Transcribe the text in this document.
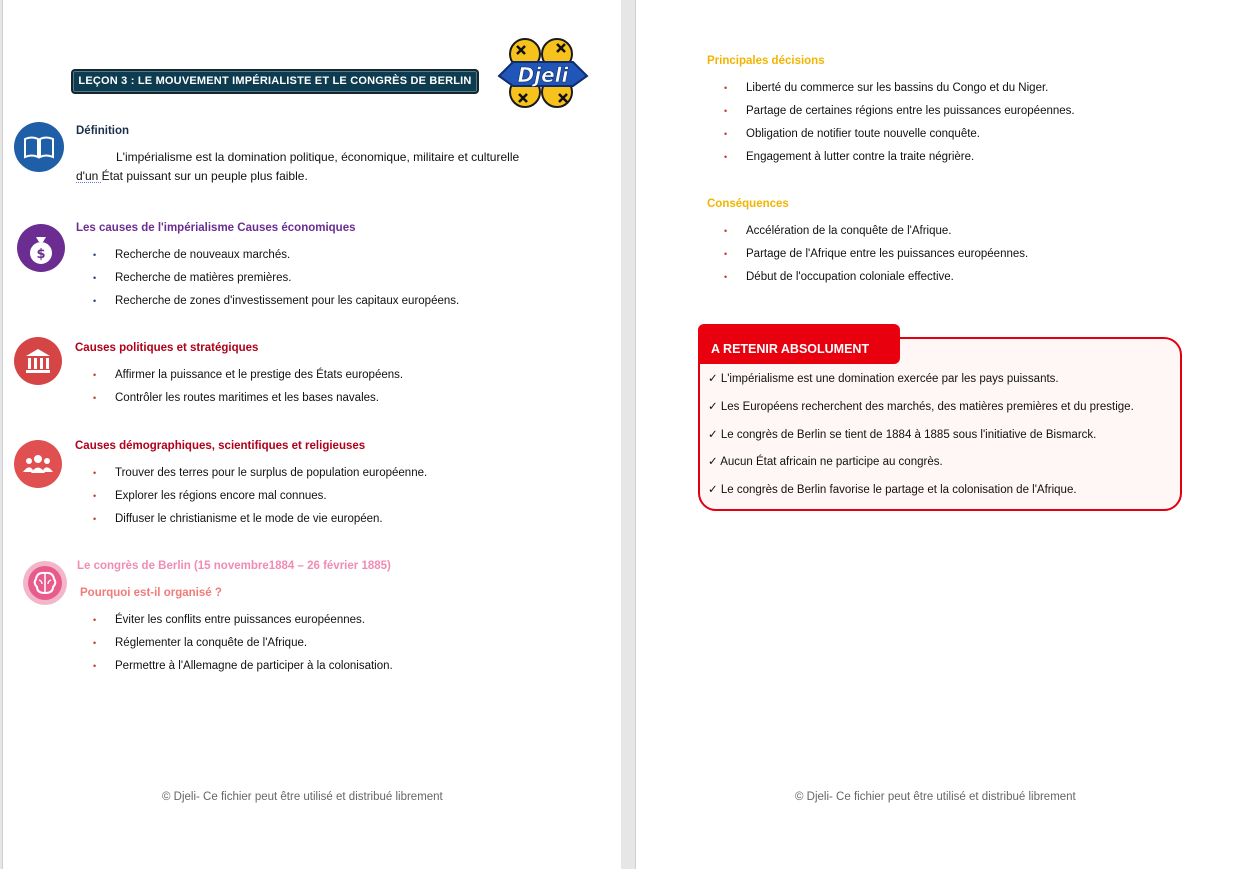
LEÇON 3 : LE MOUVEMENT IMPÉRIALISTE ET LE CONGRÈS DE BERLIN	Djeli
Définition
L'impérialisme est la domination politique, économique, militaire et culturelle
d'un État puissant sur un peuple plus faible.
$
Les causes de l'impérialisme Causes économiques
• Recherche de nouveaux marchés.
• Recherche de matières premières.
• Recherche de zones d'investissement pour les capitaux européens.
Causes politiques et stratégiques
• Affirmer la puissance et le prestige des États européens.
• Contrôler les routes maritimes et les bases navales.
Causes démographiques, scientifiques et religieuses
• Trouver des terres pour le surplus de population européenne.
• Explorer les régions encore mal connues.
• Diffuser le christianisme et le mode de vie européen.
Le congrès de Berlin (15 novembre1884 – 26 février 1885)
Pourquoi est-il organisé ?
• Éviter les conflits entre puissances européennes.
• Réglementer la conquête de l'Afrique.
• Permettre à l'Allemagne de participer à la colonisation.
© Djeli- Ce fichier peut être utilisé et distribué librement
Principales décisions
• Liberté du commerce sur les bassins du Congo et du Niger.
• Partage de certaines régions entre les puissances européennes.
• Obligation de notifier toute nouvelle conquête.
• Engagement à lutter contre la traite négrière.
Conséquences
• Accélération de la conquête de l'Afrique.
• Partage de l'Afrique entre les puissances européennes.
• Début de l'occupation coloniale effective.
A RETENIR ABSOLUMENT
✓ L'impérialisme est une domination exercée par les pays puissants.
✓ Les Européens recherchent des marchés, des matières premières et du prestige.
✓ Le congrès de Berlin se tient de 1884 à 1885 sous l'initiative de Bismarck.
✓ Aucun État africain ne participe au congrès.
✓ Le congrès de Berlin favorise le partage et la colonisation de l'Afrique.
© Djeli- Ce fichier peut être utilisé et distribué librement
